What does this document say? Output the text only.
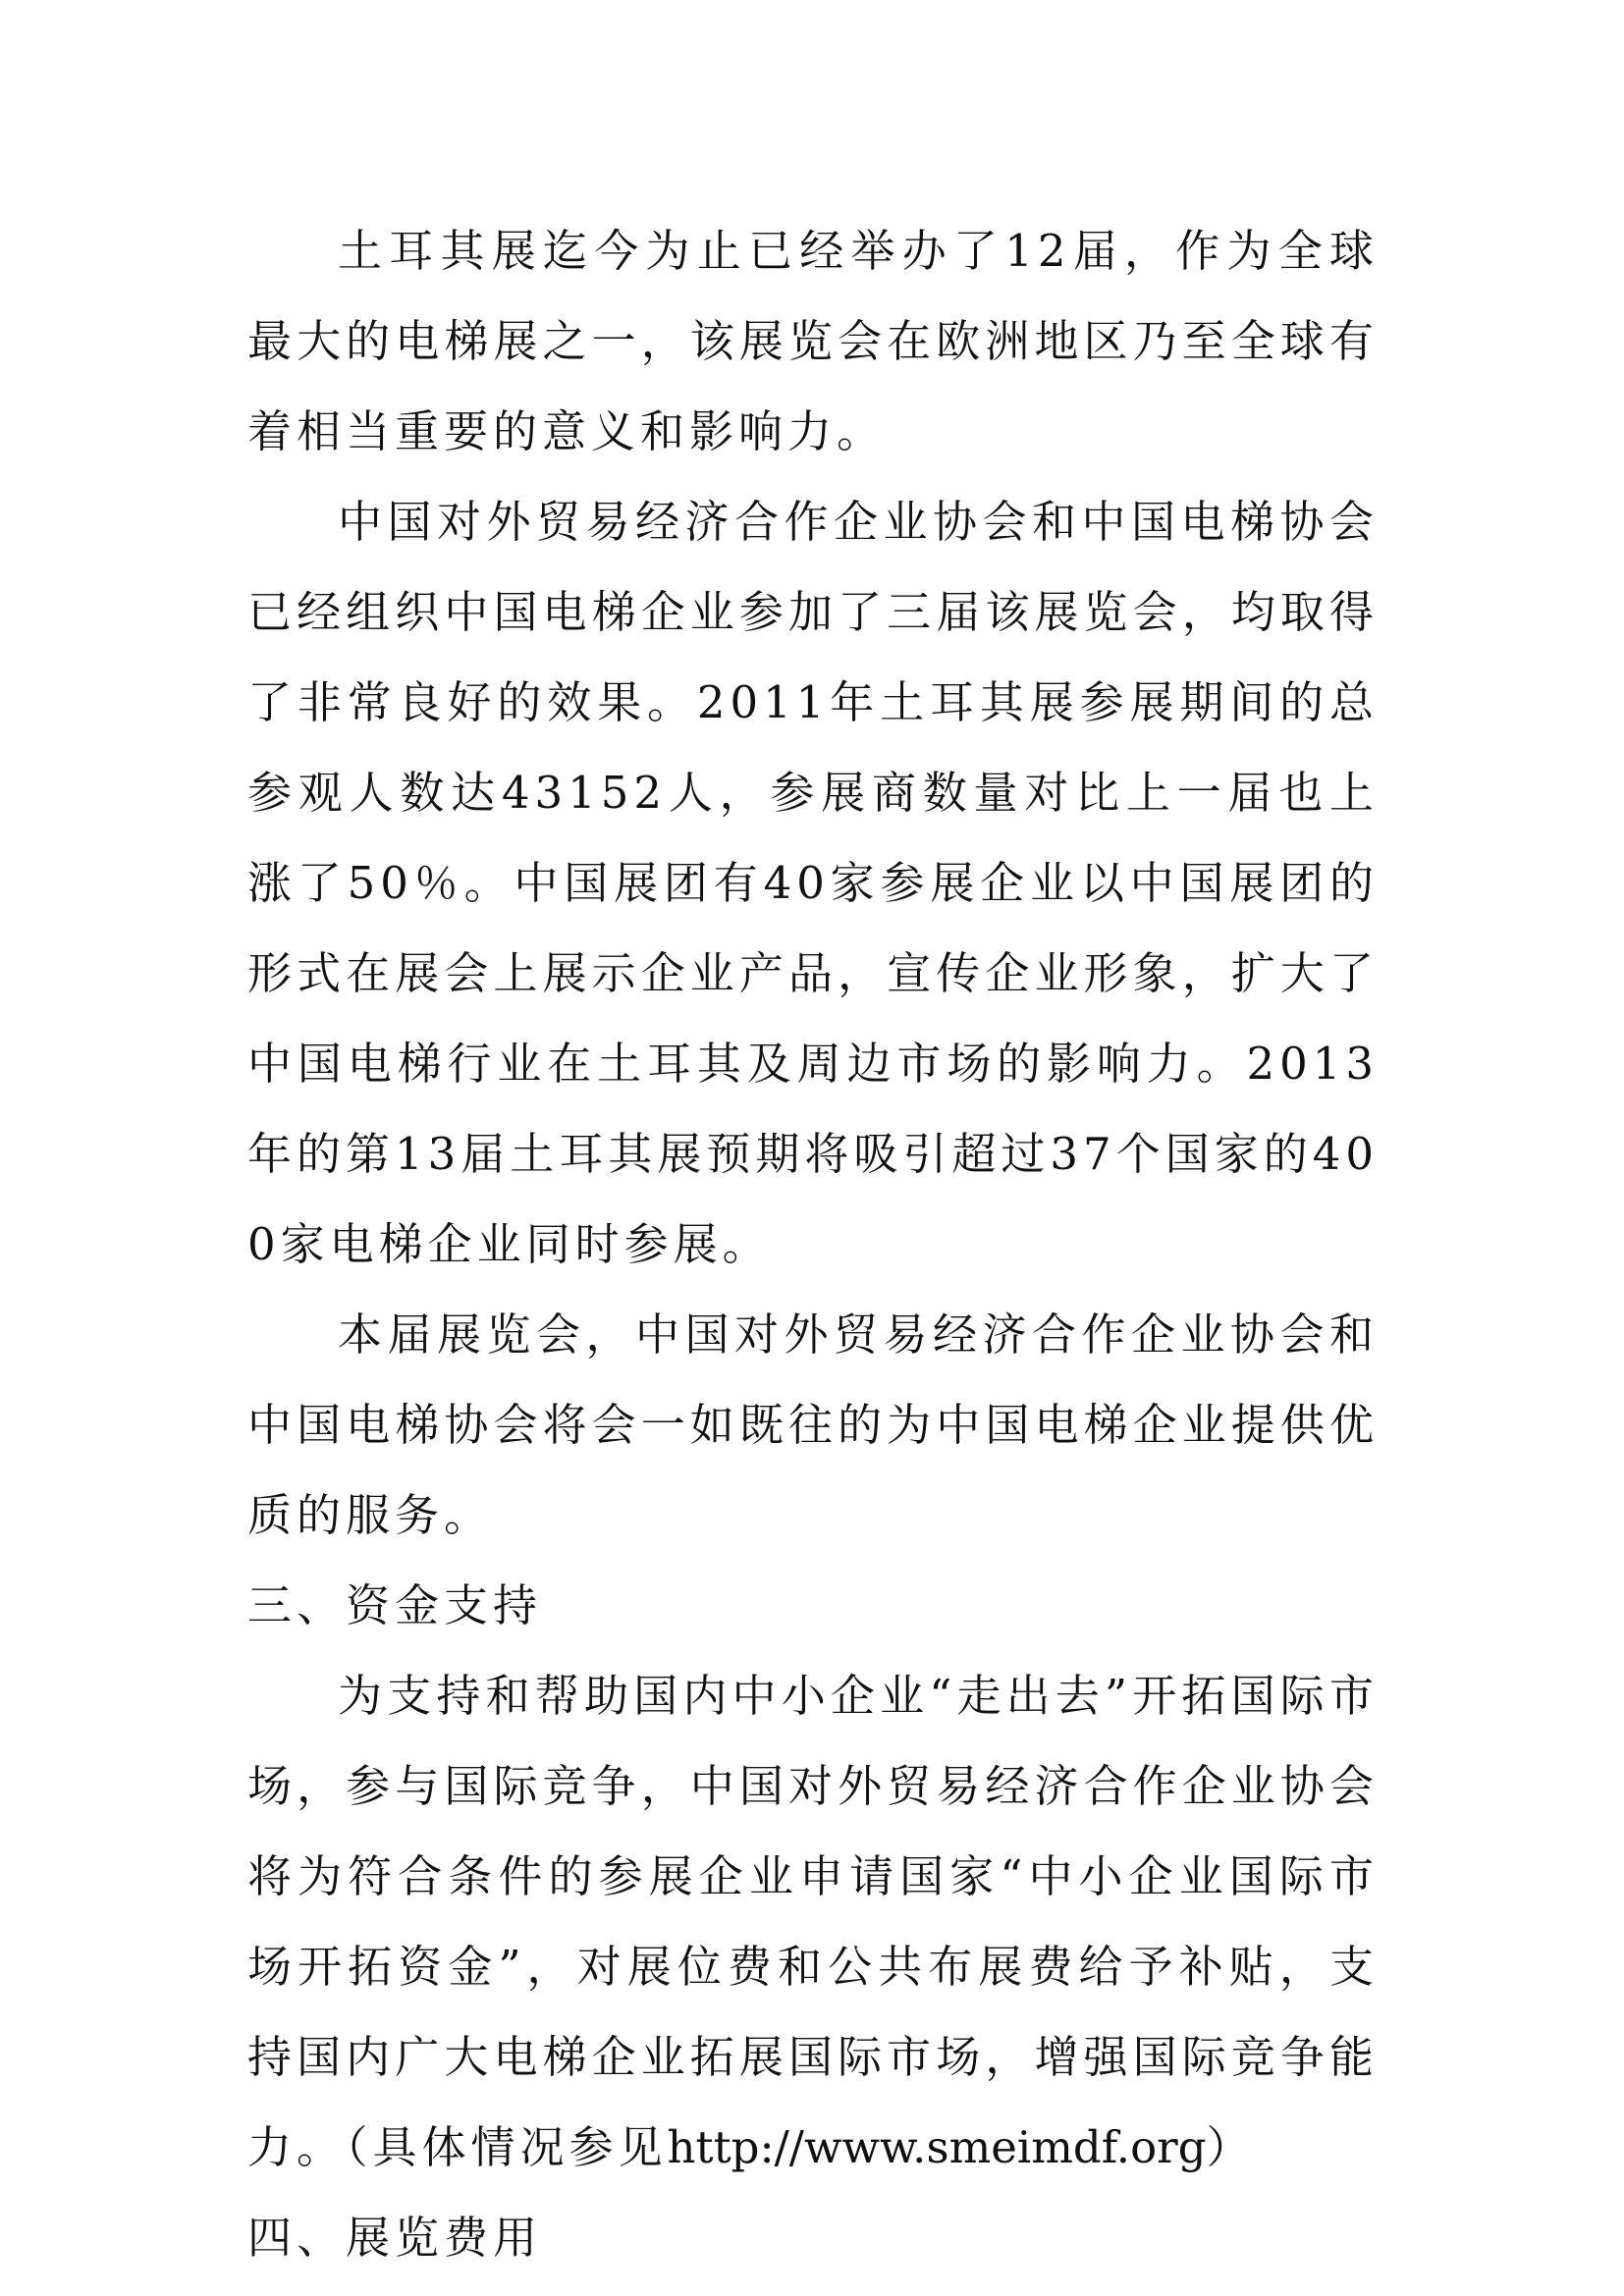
土耳其展迄今为止已经举办了12届，作为全球最大的电梯展之一，该展览会在欧洲地区乃至全球有着相当重要的意义和影响力。

中国对外贸易经济合作企业协会和中国电梯协会已经组织中国电梯企业参加了三届该展览会，均取得了非常良好的效果。2011年土耳其展参展期间的总参观人数达43152人，参展商数量对比上一届也上涨了50％。中国展团有40家参展企业以中国展团的形式在展会上展示企业产品，宣传企业形象，扩大了中国电梯行业在土耳其及周边市场的影响力。2013年的第13届土耳其展预期将吸引超过37个国家的400家电梯企业同时参展。

本届展览会，中国对外贸易经济合作企业协会和中国电梯协会将会一如既往的为中国电梯企业提供优质的服务。

三、资金支持

为支持和帮助国内中小企业“走出去”开拓国际市场，参与国际竞争，中国对外贸易经济合作企业协会将为符合条件的参展企业申请国家“中小企业国际市场开拓资金”，对展位费和公共布展费给予补贴，支持国内广大电梯企业拓展国际市场，增强国际竞争能力。（具体情况参见http://www.smeimdf.org）

四、展览费用
